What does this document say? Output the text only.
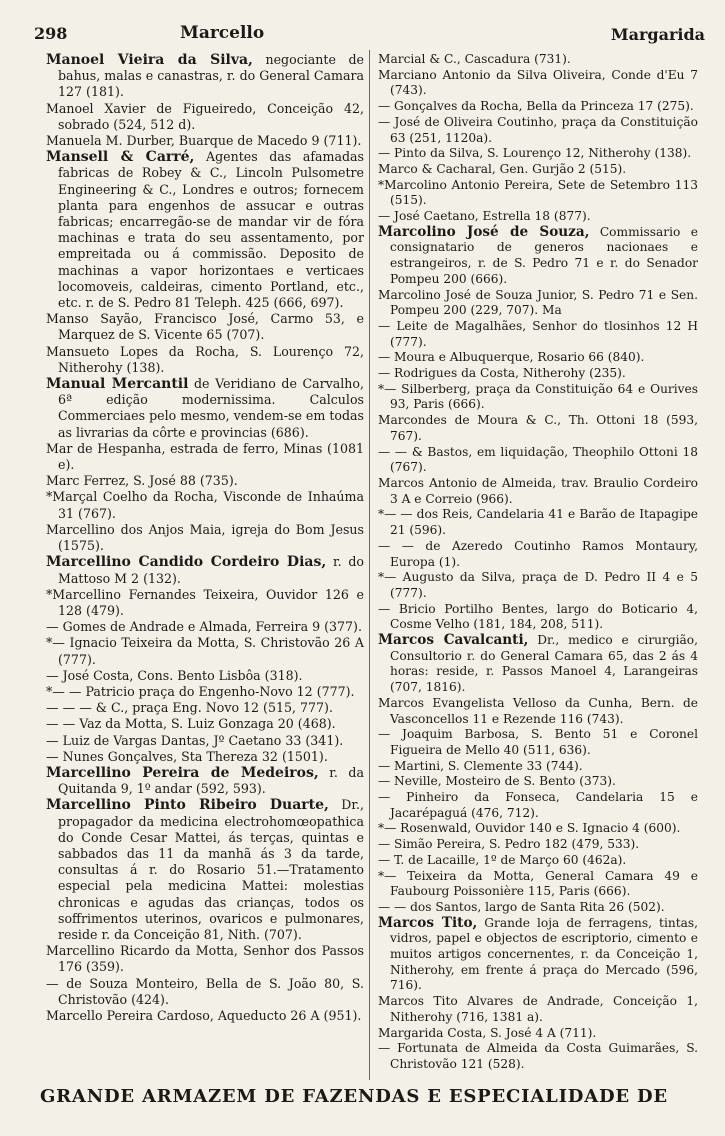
298	Marcello	Margarida
Manoel Vieira da Silva, negociante de bahus, malas e canastras, r. do General Camara 127 (181).
Manoel Xavier de Figueiredo, Conceição 42, sobrado (524, 512 d).
Manuela M. Durber, Buarque de Macedo 9 (711).
Mansell & Carré, Agentes das afamadas fabricas de Robey & C., Lincoln Pulsometre Engineering & C., Londres e outros; fornecem planta para engenhos de assucar e outras fabricas; encarregão-se de mandar vir de fóra machinas e trata do seu assentamento, por empreitada ou á commissão. Deposito de machinas a vapor horizontaes e verticaes locomoveis, caldeiras, cimento Portland, etc., etc. r. de S. Pedro 81 Teleph. 425 (666, 697).
Manso Sayão, Francisco José, Carmo 53, e Marquez de S. Vicente 65 (707).
Mansueto Lopes da Rocha, S. Lourenço 72, Nitherohy (138).
Manual Mercantil de Veridiano de Carvalho, 6ª edição modernissima. Calculos Commerciaes pelo mesmo, vendem-se em todas as livrarias da côrte e provincias (686).
Mar de Hespanha, estrada de ferro, Minas (1081 e).
Marc Ferrez, S. José 88 (735).
*Marçal Coelho da Rocha, Visconde de Inhaúma 31 (767).
Marcellino dos Anjos Maia, igreja do Bom Jesus (1575).
Marcellino Candido Cordeiro Dias, r. do Mattoso M 2 (132).
*Marcellino Fernandes Teixeira, Ouvidor 126 e 128 (479).
— Gomes de Andrade e Almada, Ferreira 9 (377).
*— Ignacio Teixeira da Motta, S. Christovão 26 A (777).
— José Costa, Cons. Bento Lisbôa (318).
*— — Patricio praça do Engenho-Novo 12 (777).
— — — & C., praça Eng. Novo 12 (515, 777).
— — Vaz da Motta, S. Luiz Gonzaga 20 (468).
— Luiz de Vargas Dantas, Jº Caetano 33 (341).
— Nunes Gonçalves, Sta Thereza 32 (1501).
Marcellino Pereira de Medeiros, r. da Quitanda 9, 1º andar (592, 593).
Marcellino Pinto Ribeiro Duarte, Dr., propagador da medicina electrohomœopathica do Conde Cesar Mattei, ás terças, quintas e sabbados das 11 da manhã ás 3 da tarde, consultas á r. do Rosario 51.—Tratamento especial pela medicina Mattei: molestias chronicas e agudas das crianças, todos os soffrimentos uterinos, ovaricos e pulmonares, reside r. da Conceição 81, Nith. (707).
Marcellino Ricardo da Motta, Senhor dos Passos 176 (359).
— de Souza Monteiro, Bella de S. João 80, S. Christovão (424).
Marcello Pereira Cardoso, Aqueducto 26 A (951).
Marcial & C., Cascadura (731).
Marciano Antonio da Silva Oliveira, Conde d'Eu 7 (743).
— Gonçalves da Rocha, Bella da Princeza 17 (275).
— José de Oliveira Coutinho, praça da Constituição 63 (251, 1120a).
— Pinto da Silva, S. Lourenço 12, Nitherohy (138).
Marco & Cacharal, Gen. Gurjão 2 (515).
*Marcolino Antonio Pereira, Sete de Setembro 113 (515).
— José Caetano, Estrella 18 (877).
Marcolino José de Souza, Commissario e consignatario de generos nacionaes e estrangeiros, r. de S. Pedro 71 e r. do Senador Pompeu 200 (666).
Marcolino José de Souza Junior, S. Pedro 71 e Sen. Pompeu 200 (229, 707). Ma
— Leite de Magalhães, Senhor do tlosinhos 12 H (777).
— Moura e Albuquerque, Rosario 66 (840).
— Rodrigues da Costa, Nitherohy (235).
*— Silberberg, praça da Constituição 64 e Ourives 93, Paris (666).
Marcondes de Moura & C., Th. Ottoni 18 (593, 767).
— — & Bastos, em liquidação, Theophilo Ottoni 18 (767).
Marcos Antonio de Almeida, trav. Braulio Cordeiro 3 A e Correio (966).
*— — dos Reis, Candelaria 41 e Barão de Itapagipe 21 (596).
— — de Azeredo Coutinho Ramos Montaury, Europa (1).
*— Augusto da Silva, praça de D. Pedro II 4 e 5 (777).
— Bricio Portilho Bentes, largo do Boticario 4, Cosme Velho (181, 184, 208, 511).
Marcos Cavalcanti, Dr., medico e cirurgião, Consultorio r. do General Camara 65, das 2 ás 4 horas: reside, r. Passos Manoel 4, Larangeiras (707, 1816).
Marcos Evangelista Velloso da Cunha, Bern. de Vasconcellos 11 e Rezende 116 (743).
— Joaquim Barbosa, S. Bento 51 e Coronel Figueira de Mello 40 (511, 636).
— Martini, S. Clemente 33 (744).
— Neville, Mosteiro de S. Bento (373).
— Pinheiro da Fonseca, Candelaria 15 e Jacarépaguá (476, 712).
*— Rosenwald, Ouvidor 140 e S. Ignacio 4 (600).
— Simão Pereira, S. Pedro 182 (479, 533).
— T. de Lacaille, 1º de Março 60 (462a).
*— Teixeira da Motta, General Camara 49 e Faubourg Poissonière 115, Paris (666).
— — dos Santos, largo de Santa Rita 26 (502).
Marcos Tito, Grande loja de ferragens, tintas, vidros, papel e objectos de escriptorio, cimento e muitos artigos concernentes, r. da Conceição 1, Nitherohy, em frente á praça do Mercado (596, 716).
Marcos Tito Alvares de Andrade, Conceição 1, Nitherohy (716, 1381 a).
Margarida Costa, S. José 4 A (711).
— Fortunata de Almeida da Costa Guimarães, S. Christovão 121 (528).
GRANDE ARMAZEM DE FAZENDAS E ESPECIALIDADE DE
